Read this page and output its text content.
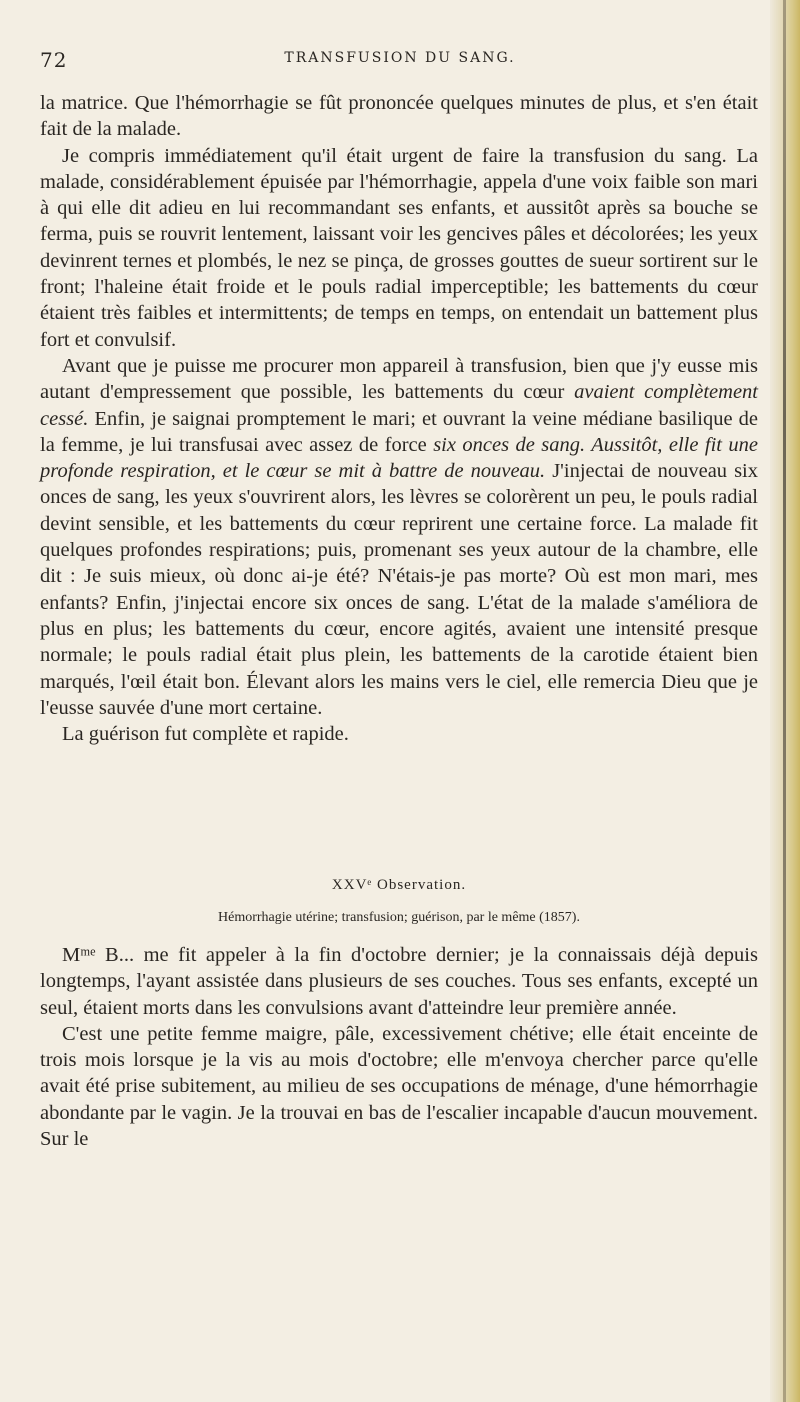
72	TRANSFUSION DU SANG.

la matrice. Que l'hémorrhagie se fût prononcée quelques minutes de plus, et s'en était fait de la malade.

Je compris immédiatement qu'il était urgent de faire la transfusion du sang. La malade, considérablement épuisée par l'hémorrhagie, appela d'une voix faible son mari à qui elle dit adieu en lui recommandant ses enfants, et aussitôt après sa bouche se ferma, puis se rouvrit lentement, laissant voir les gencives pâles et décolorées; les yeux devinrent ternes et plombés, le nez se pinça, de grosses gouttes de sueur sortirent sur le front; l'haleine était froide et le pouls radial imperceptible; les battements du cœur étaient très faibles et intermittents; de temps en temps, on entendait un battement plus fort et convulsif.

Avant que je puisse me procurer mon appareil à transfusion, bien que j'y eusse mis autant d'empressement que possible, les battements du cœur avaient complètement cessé. Enfin, je saignai promptement le mari; et ouvrant la veine médiane basilique de la femme, je lui transfusai avec assez de force six onces de sang. Aussitôt, elle fit une profonde respiration, et le cœur se mit à battre de nouveau. J'injectai de nouveau six onces de sang, les yeux s'ouvrirent alors, les lèvres se colorèrent un peu, le pouls radial devint sensible, et les battements du cœur reprirent une certaine force. La malade fit quelques profondes respirations; puis, promenant ses yeux autour de la chambre, elle dit : Je suis mieux, où donc ai-je été? N'étais-je pas morte? Où est mon mari, mes enfants? Enfin, j'injectai encore six onces de sang. L'état de la malade s'améliora de plus en plus; les battements du cœur, encore agités, avaient une intensité presque normale; le pouls radial était plus plein, les battements de la carotide étaient bien marqués, l'œil était bon. Élevant alors les mains vers le ciel, elle remercia Dieu que je l'eusse sauvée d'une mort certaine.

La guérison fut complète et rapide.

XXVᵉ Observation.
Hémorrhagie utérine; transfusion; guérison, par le même (1857).

Mᵐᵉ B... me fit appeler à la fin d'octobre dernier; je la connaissais déjà depuis longtemps, l'ayant assistée dans plusieurs de ses couches. Tous ses enfants, excepté un seul, étaient morts dans les convulsions avant d'atteindre leur première année.

C'est une petite femme maigre, pâle, excessivement chétive; elle était enceinte de trois mois lorsque je la vis au mois d'octobre; elle m'envoya chercher parce qu'elle avait été prise subitement, au milieu de ses occupations de ménage, d'une hémorrhagie abondante par le vagin. Je la trouvai en bas de l'escalier incapable d'aucun mouvement. Sur le
